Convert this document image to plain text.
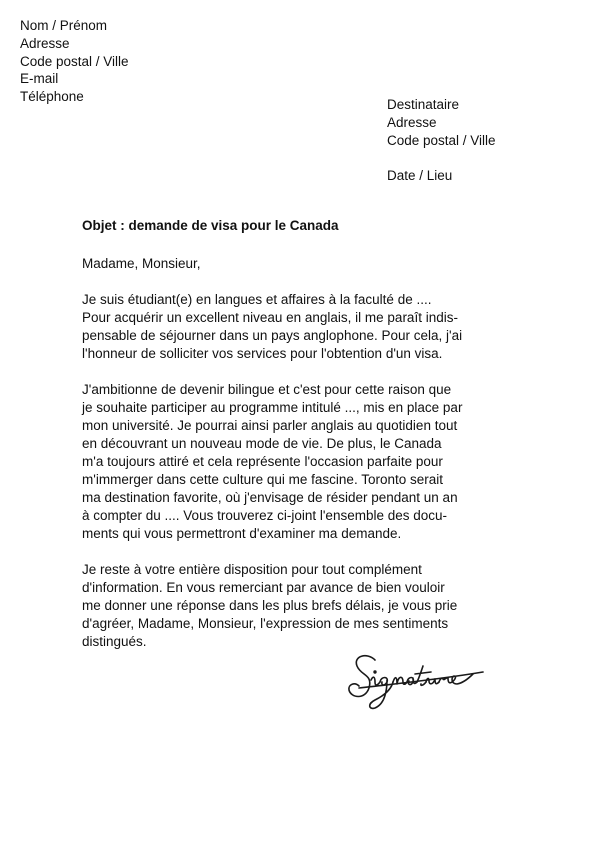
Nom / Prénom
Adresse
Code postal / Ville
E-mail
Téléphone
Destinataire
Adresse
Code postal / Ville
Date / Lieu
Objet : demande de visa pour le Canada
Madame, Monsieur,
Je suis étudiant(e) en langues et affaires à la faculté de ....
Pour acquérir un excellent niveau en anglais, il me paraît indis-
pensable de séjourner dans un pays anglophone. Pour cela, j'ai
l'honneur de solliciter vos services pour l'obtention d'un visa.
J'ambitionne de devenir bilingue et c'est pour cette raison que
je souhaite participer au programme intitulé ..., mis en place par
mon université. Je pourrai ainsi parler anglais au quotidien tout
en découvrant un nouveau mode de vie. De plus, le Canada
m'a toujours attiré et cela représente l'occasion parfaite pour
m'immerger dans cette culture qui me fascine. Toronto serait
ma destination favorite, où j'envisage de résider pendant un an
à compter du .... Vous trouverez ci-joint l'ensemble des docu-
ments qui vous permettront d'examiner ma demande.
Je reste à votre entière disposition pour tout complément
d'information. En vous remerciant par avance de bien vouloir
me donner une réponse dans les plus brefs délais, je vous prie
d'agréer, Madame, Monsieur, l'expression de mes sentiments
distingués.
